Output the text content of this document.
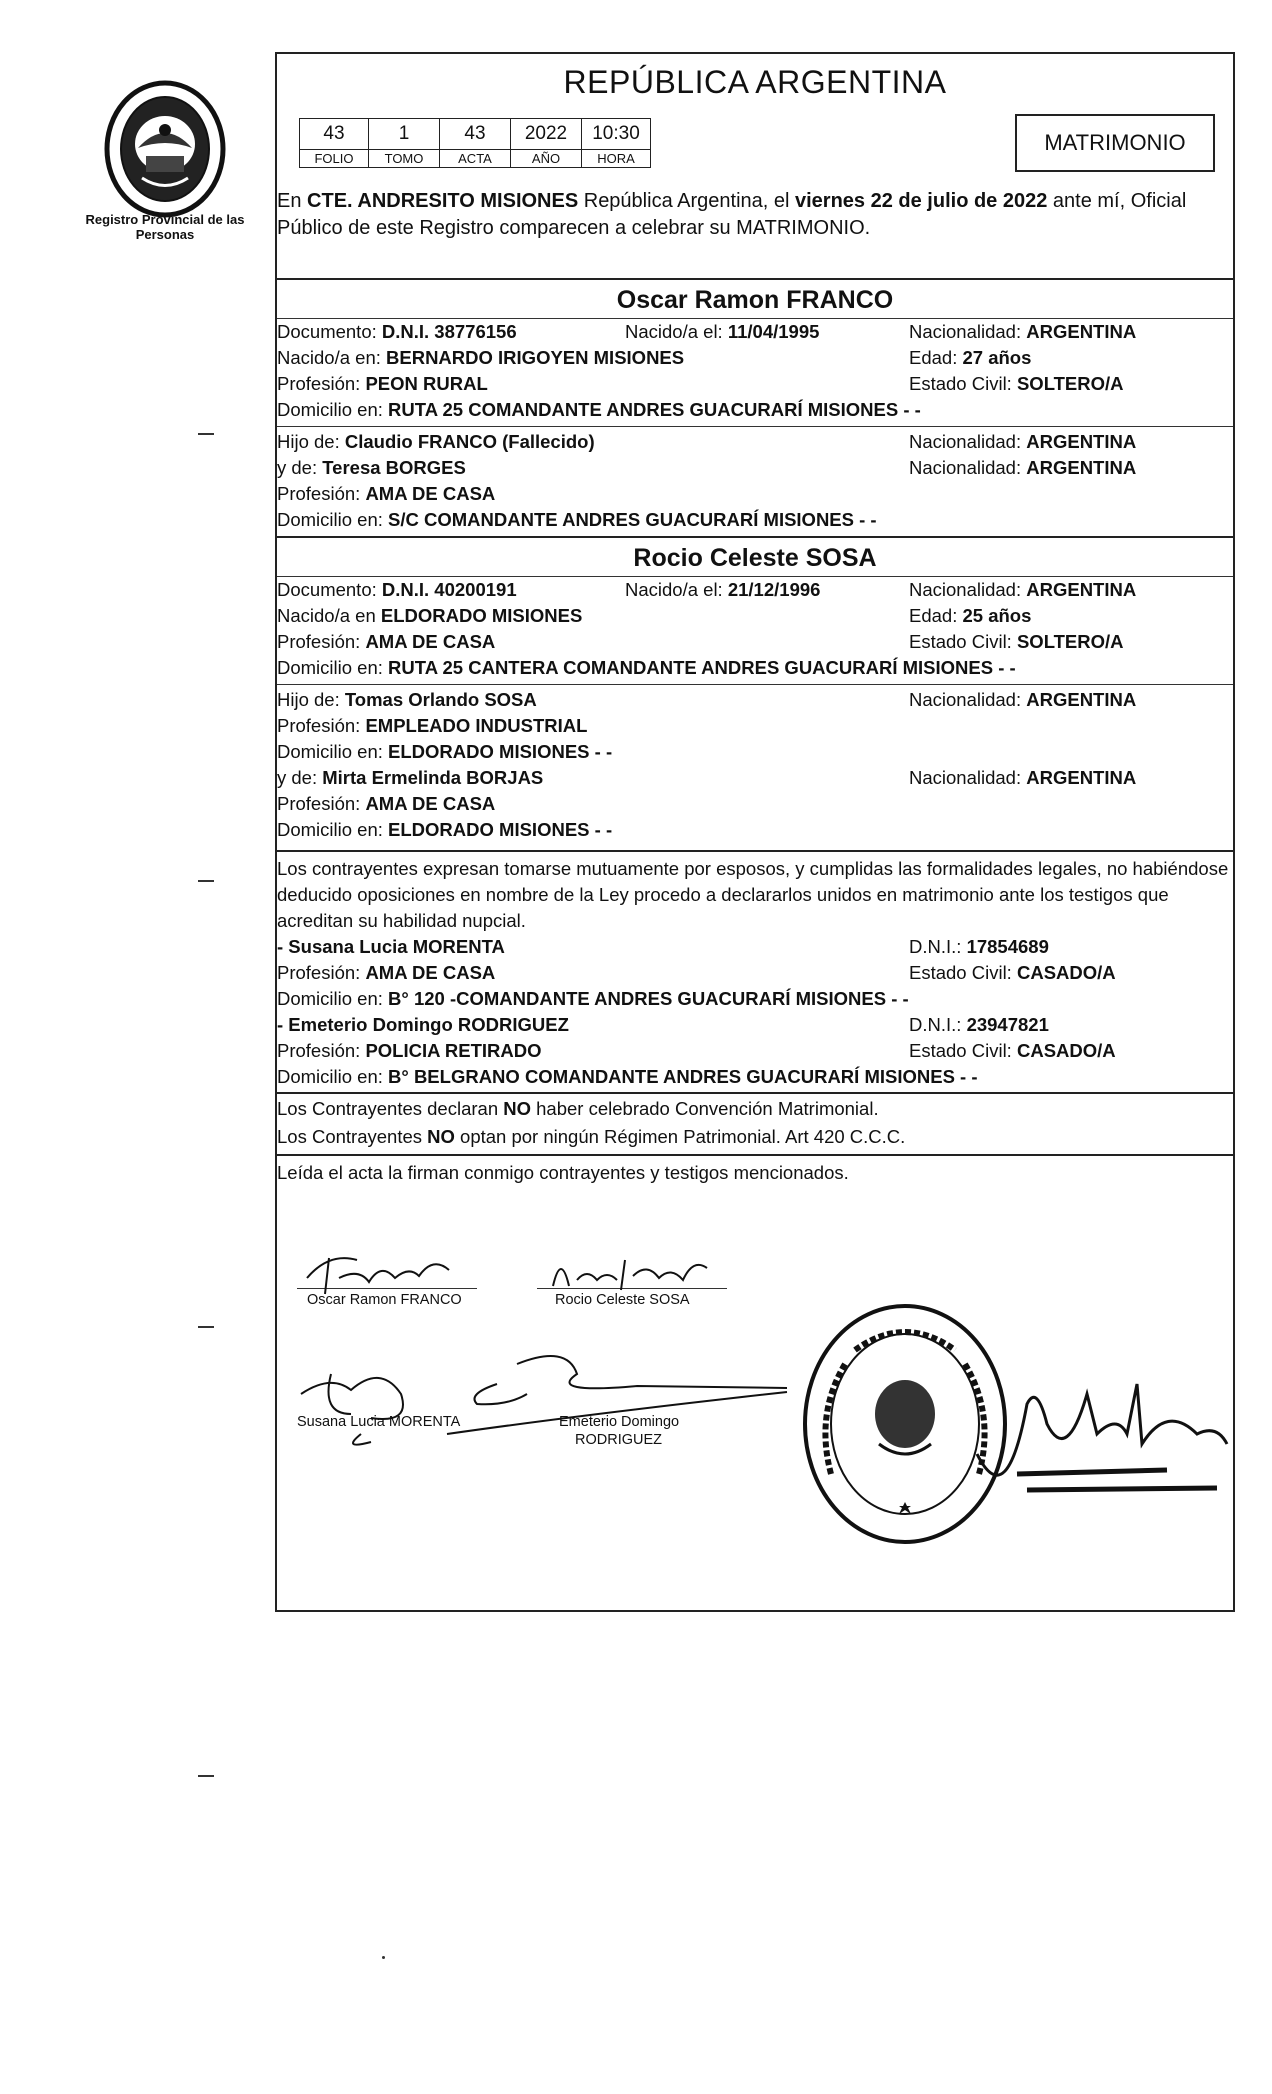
Registro Provincial de las Personas
REPÚBLICA ARGENTINA
43	1	43	2022	10:30
FOLIO	TOMO	ACTA	AÑO	HORA
MATRIMONIO
En CTE. ANDRESITO MISIONES República Argentina, el viernes 22 de julio de 2022 ante mí, Oficial Público de este Registro comparecen a celebrar su MATRIMONIO.
Oscar Ramon FRANCO
Documento: D.N.I. 38776156	Nacido/a el: 11/04/1995	Nacionalidad: ARGENTINA
Nacido/a en: BERNARDO IRIGOYEN MISIONES	Edad: 27 años
Profesión: PEON RURAL	Estado Civil: SOLTERO/A
Domicilio en: RUTA 25 COMANDANTE ANDRES GUACURARÍ MISIONES - -
Hijo de: Claudio FRANCO (Fallecido)	Nacionalidad: ARGENTINA
y de: Teresa BORGES	Nacionalidad: ARGENTINA
Profesión: AMA DE CASA
Domicilio en: S/C COMANDANTE ANDRES GUACURARÍ MISIONES - -
Rocio Celeste SOSA
Documento: D.N.I. 40200191	Nacido/a el: 21/12/1996	Nacionalidad: ARGENTINA
Nacido/a en ELDORADO MISIONES	Edad: 25 años
Profesión: AMA DE CASA	Estado Civil: SOLTERO/A
Domicilio en: RUTA 25 CANTERA COMANDANTE ANDRES GUACURARÍ MISIONES - -
Hijo de: Tomas Orlando SOSA	Nacionalidad: ARGENTINA
Profesión: EMPLEADO INDUSTRIAL
Domicilio en: ELDORADO MISIONES - -
y de: Mirta Ermelinda BORJAS	Nacionalidad: ARGENTINA
Profesión: AMA DE CASA
Domicilio en: ELDORADO MISIONES - -
Los contrayentes expresan tomarse mutuamente por esposos, y cumplidas las formalidades legales, no habiéndose deducido oposiciones en nombre de la Ley procedo a declararlos unidos en matrimonio ante los testigos que acreditan su habilidad nupcial.
- Susana Lucia MORENTA	D.N.I.: 17854689
Profesión: AMA DE CASA	Estado Civil: CASADO/A
Domicilio en: B° 120 -COMANDANTE ANDRES GUACURARÍ MISIONES - -
- Emeterio Domingo RODRIGUEZ	D.N.I.: 23947821
Profesión: POLICIA RETIRADO	Estado Civil: CASADO/A
Domicilio en: B° BELGRANO COMANDANTE ANDRES GUACURARÍ MISIONES - -
Los Contrayentes declaran NO haber celebrado Convención Matrimonial.
Los Contrayentes NO optan por ningún Régimen Patrimonial. Art 420 C.C.C.
Leída el acta la firman conmigo contrayentes y testigos mencionados.
Oscar Ramon FRANCO	Rocio Celeste SOSA
Susana Lucia MORENTA	Emeterio Domingo
RODRIGUEZ
